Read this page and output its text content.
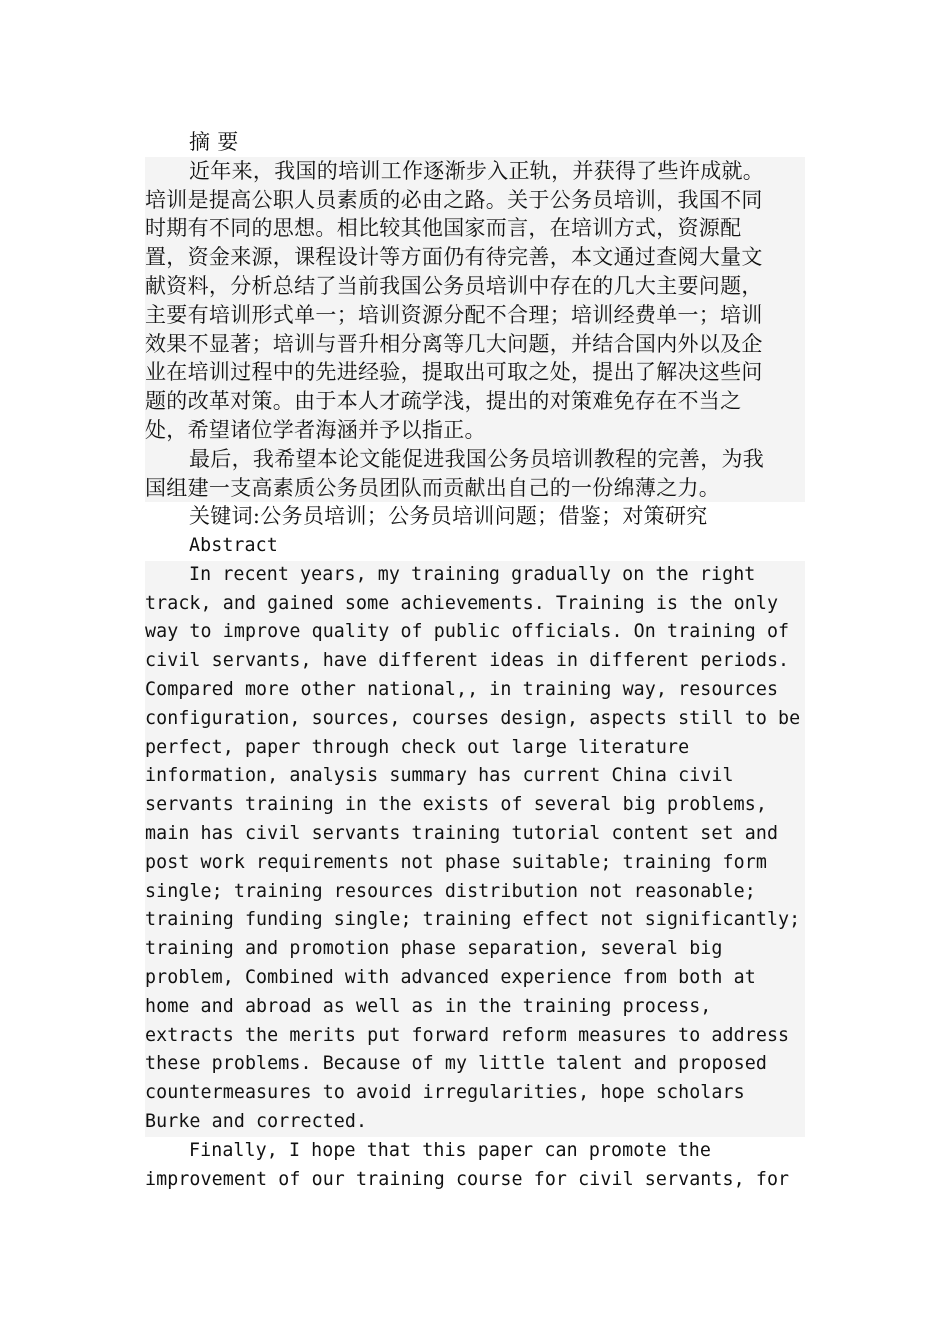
摘 要

近年来，我国的培训工作逐渐步入正轨，并获得了些许成就。
培训是提高公职人员素质的必由之路。关于公务员培训，我国不同
时期有不同的思想。相比较其他国家而言，在培训方式，资源配
置，资金来源，课程设计等方面仍有待完善，本文通过查阅大量文
献资料，分析总结了当前我国公务员培训中存在的几大主要问题，
主要有培训形式单一；培训资源分配不合理；培训经费单一；培训
效果不显著；培训与晋升相分离等几大问题，并结合国内外以及企
业在培训过程中的先进经验，提取出可取之处，提出了解决这些问
题的改革对策。由于本人才疏学浅，提出的对策难免存在不当之
处，希望诸位学者海涵并予以指正。

最后，我希望本论文能促进我国公务员培训教程的完善，为我
国组建一支高素质公务员团队而贡献出自己的一份绵薄之力。

关键词:公务员培训；公务员培训问题；借鉴；对策研究

Abstract

In recent years, my training gradually on the right
track, and gained some achievements. Training is the only
way to improve quality of public officials. On training of
civil servants, have different ideas in different periods.
Compared more other national,, in training way, resources
configuration, sources, courses design, aspects still to be
perfect, paper through check out large literature
information, analysis summary has current China civil
servants training in the exists of several big problems,
main has civil servants training tutorial content set and
post work requirements not phase suitable; training form
single; training resources distribution not reasonable;
training funding single; training effect not significantly;
training and promotion phase separation, several big
problem, Combined with advanced experience from both at
home and abroad as well as in the training process,
extracts the merits put forward reform measures to address
these problems. Because of my little talent and proposed
countermeasures to avoid irregularities, hope scholars
Burke and corrected.

Finally, I hope that this paper can promote the
improvement of our training course for civil servants, for
